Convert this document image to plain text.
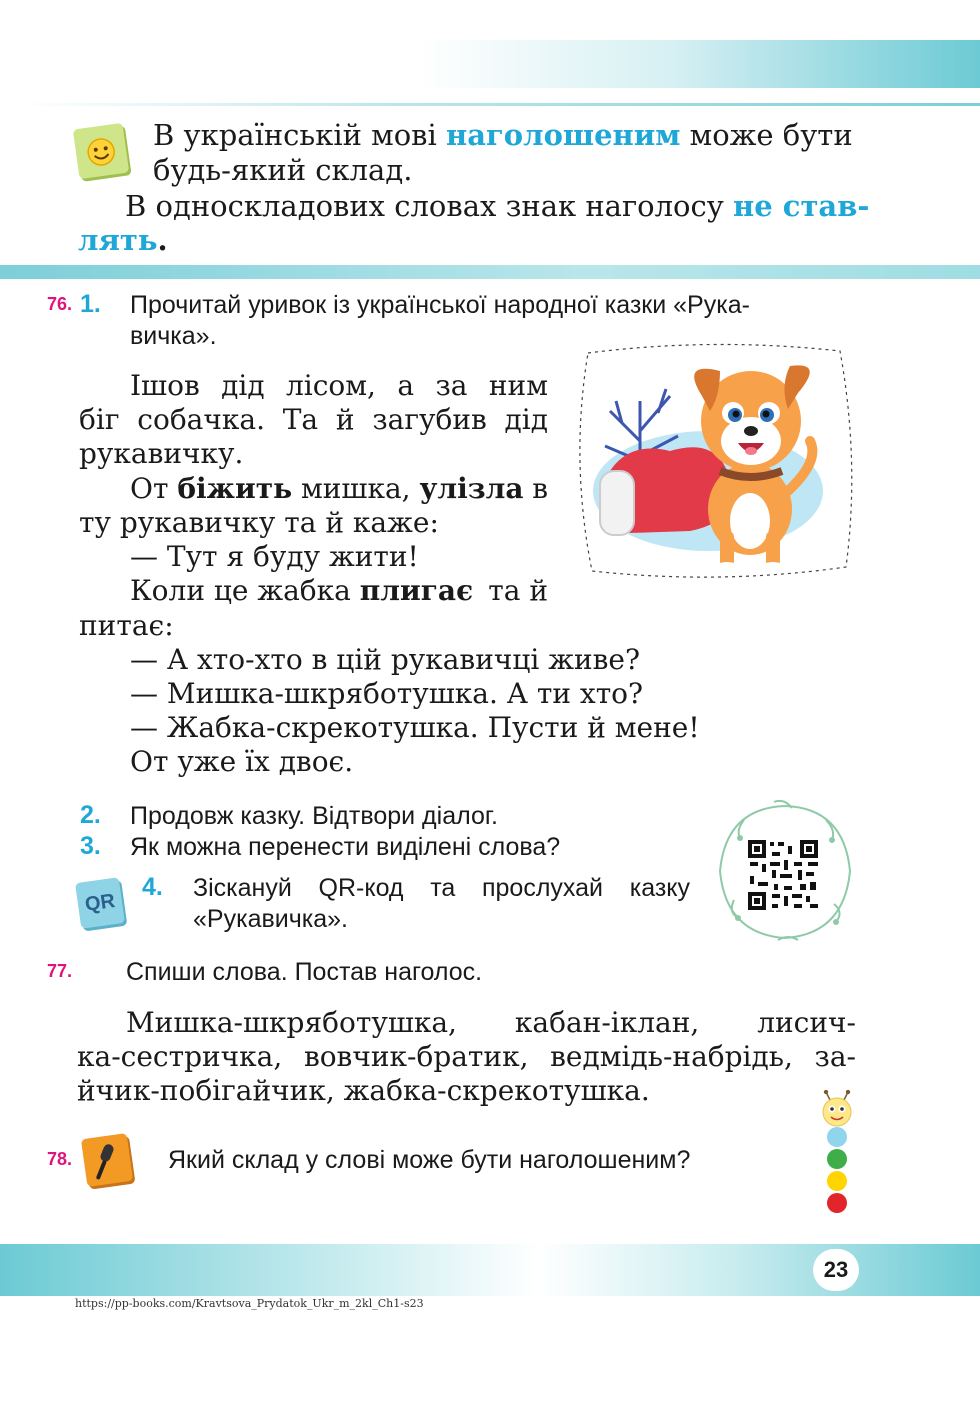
В українській мові наголошеним може бути
будь-який склад.
В односкладових словах знак наголосу не став-
лять.
76. 1. Прочитай уривок із української народної казки «Рука-
вичка».
Ішов дід лісом, а за ним
біг собачка. Та й загубив дід
рукавичку.
От біжить мишка, улізла в
ту рукавичку та й каже:
— Тут я буду жити!
Коли це жабка плигає та й
питає:
— А хто-хто в цій рукавичці живе?
— Мишка-шкряботушка. А ти хто?
— Жабка-скрекотушка. Пусти й мене!
От уже їх двоє.
2. Продовж казку. Відтвори діалог.
3. Як можна перенести виділені слова?
QR
4. Зіскануй QR-код та прослухай казку
«Рукавичка».
77. Спиши слова. Постав наголос.
Мишка-шкряботушка, кабан-іклан, лисич-
ка-сестричка, вовчик-братик, ведмідь-набрідь, за-
йчик-побігайчик, жабка-скрекотушка.
78.	Який склад у слові може бути наголошеним?
23
https://pp-books.com/Kravtsova_Prydatok_Ukr_m_2kl_Ch1-s23
